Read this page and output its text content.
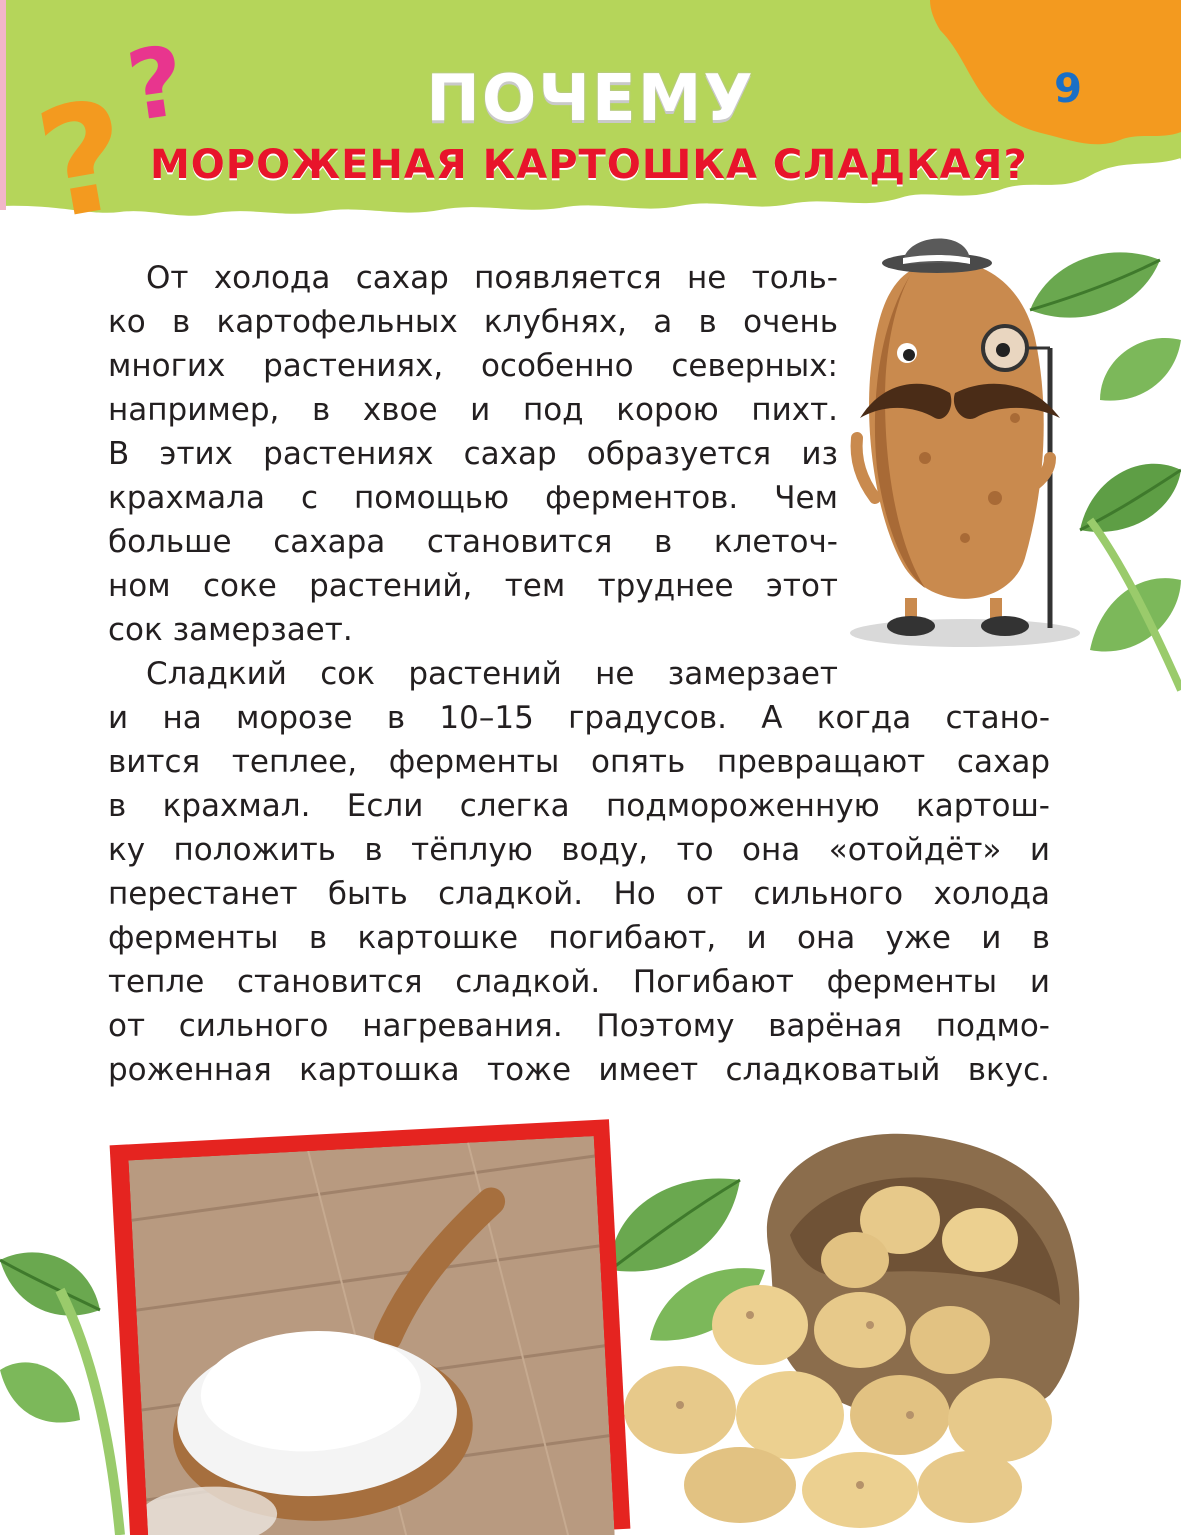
?
?	ПОЧЕМУ
МОРОЖЕНАЯ КАРТОШКА СЛАДКАЯ?
9
От холода сахар появляется не толь-
ко в картофельных клубнях, а в очень
многих растениях, особенно северных:
например, в хвое и под корою пихт.
В этих растениях сахар образуется из
крахмала с помощью ферментов. Чем
больше сахара становится в клеточ-
ном соке растений, тем труднее этот
сок замерзает.
Сладкий сок растений не замерзает
и на морозе в 10–15 градусов. А когда стано-
вится теплее, ферменты опять превращают сахар
в крахмал. Если слегка подмороженную картош-
ку положить в тёплую воду, то она «отойдёт» и
перестанет быть сладкой. Но от сильного холода
ферменты в картошке погибают, и она уже и в
тепле становится сладкой. Погибают ферменты и
от сильного нагревания. Поэтому варёная подмо-
роженная картошка тоже имеет сладковатый вкус.
